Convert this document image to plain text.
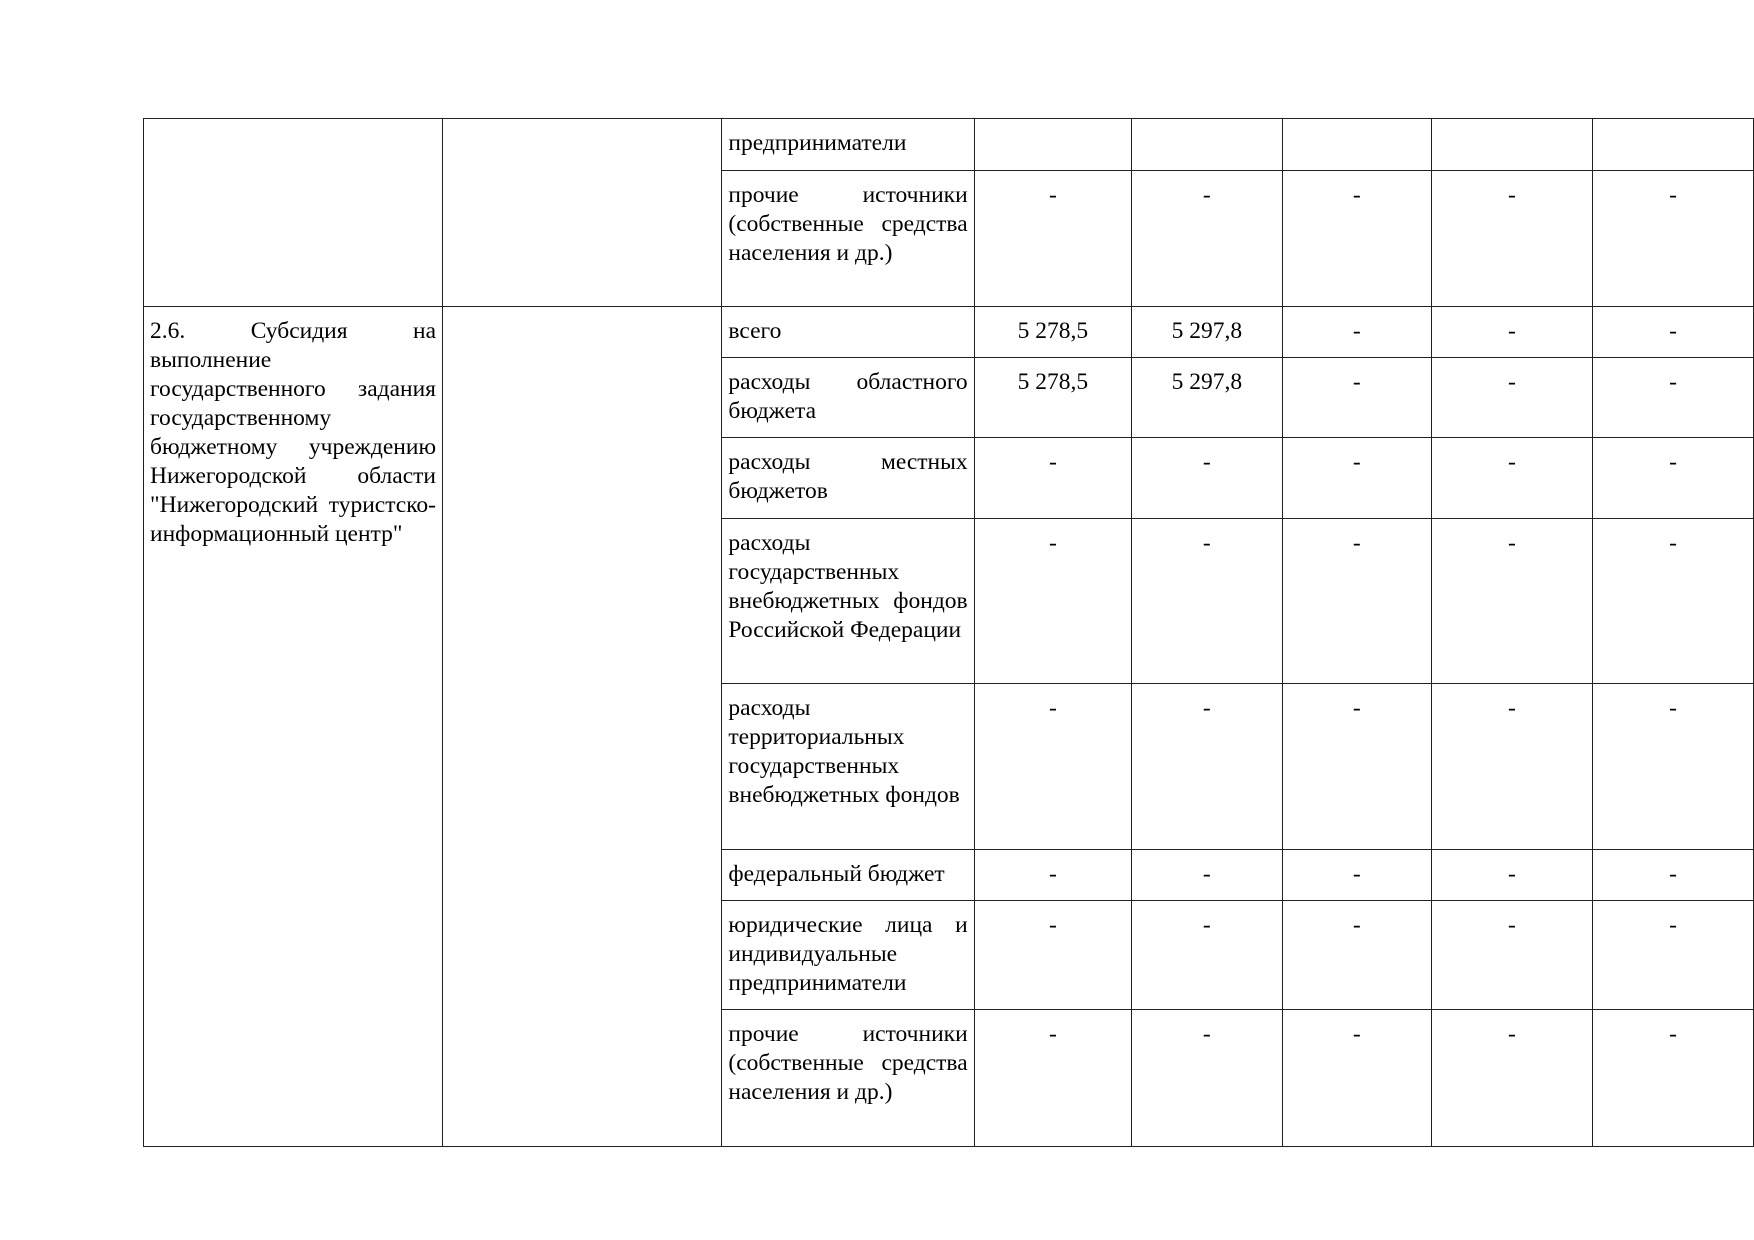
		предприниматели					
		прочие источники (собственные средства населения и др.)	-	-	-	-	-
2.6. Субсидия на выполнение государственного задания государственному бюджетному учреждению Нижегородской области "Нижегородский туристско-информационный центр"		всего	5 278,5	5 297,8	-	-	-
		расходы областного бюджета	5 278,5	5 297,8	-	-	-
		расходы местных бюджетов	-	-	-	-	-
		расходы государственных внебюджетных фондов Российской Федерации	-	-	-	-	-
		расходы территориальных государственных внебюджетных фондов	-	-	-	-	-
		федеральный бюджет	-	-	-	-	-
		юридические лица и индивидуальные предприниматели	-	-	-	-	-
		прочие источники (собственные средства населения и др.)	-	-	-	-	-
